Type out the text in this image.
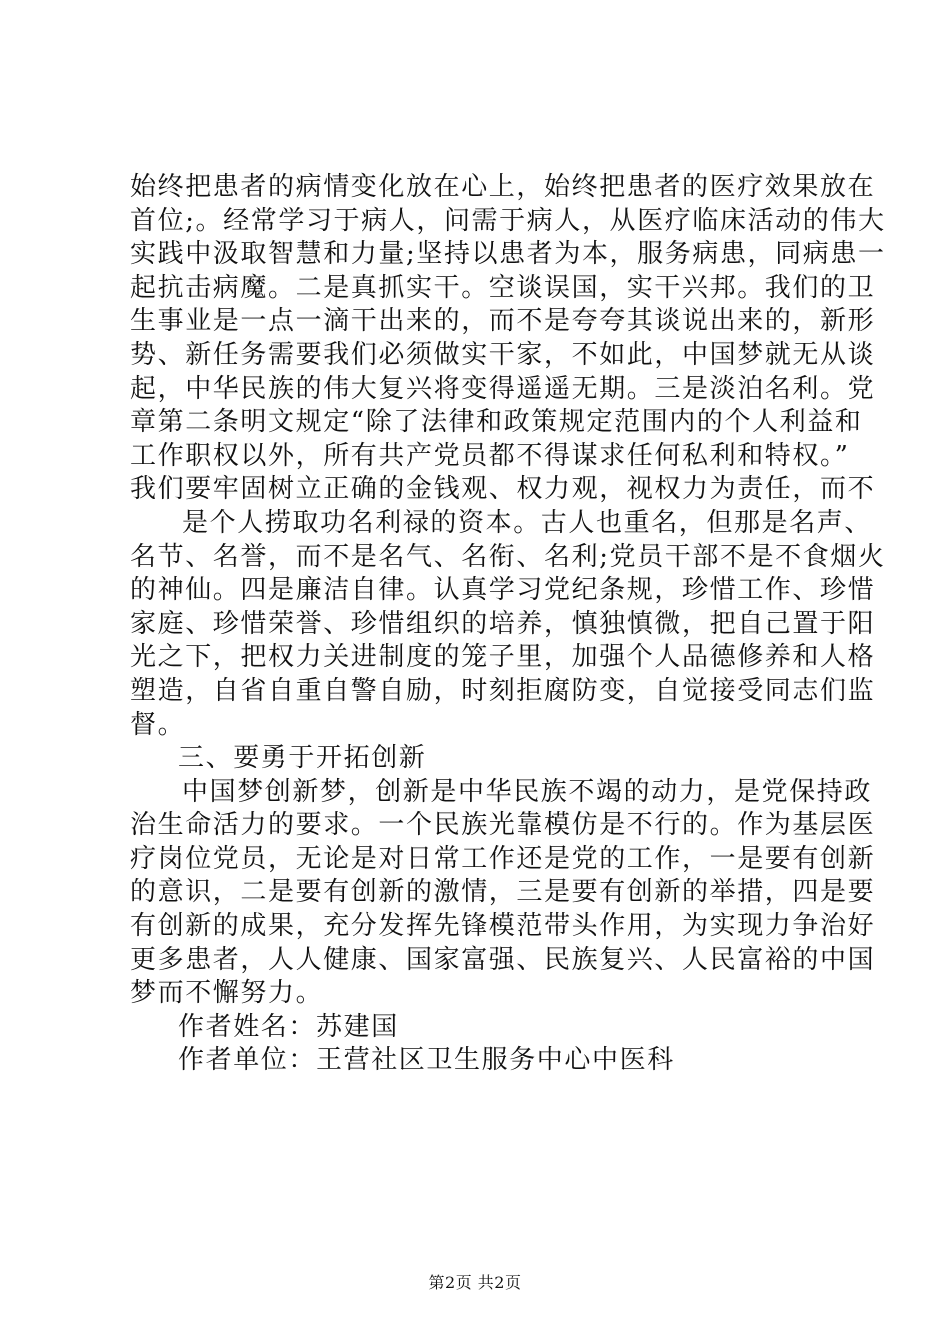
始终把患者的病情变化放在心上，始终把患者的医疗效果放在
首位;。经常学习于病人，问需于病人，从医疗临床活动的伟大
实践中汲取智慧和力量;坚持以患者为本，服务病患，同病患一
起抗击病魔。二是真抓实干。空谈误国，实干兴邦。我们的卫
生事业是一点一滴干出来的，而不是夸夸其谈说出来的，新形
势、新任务需要我们必须做实干家，不如此，中国梦就无从谈
起，中华民族的伟大复兴将变得遥遥无期。三是淡泊名利。党
章第二条明文规定“除了法律和政策规定范围内的个人利益和
工作职权以外，所有共产党员都不得谋求任何私利和特权。”
我们要牢固树立正确的金钱观、权力观，视权力为责任，而不
是个人捞取功名利禄的资本。古人也重名，但那是名声、
名节、名誉，而不是名气、名衔、名利;党员干部不是不食烟火
的神仙。四是廉洁自律。认真学习党纪条规，珍惜工作、珍惜
家庭、珍惜荣誉、珍惜组织的培养，慎独慎微，把自己置于阳
光之下，把权力关进制度的笼子里，加强个人品德修养和人格
塑造，自省自重自警自励，时刻拒腐防变，自觉接受同志们监
督。
三、要勇于开拓创新
中国梦创新梦，创新是中华民族不竭的动力，是党保持政
治生命活力的要求。一个民族光靠模仿是不行的。作为基层医
疗岗位党员，无论是对日常工作还是党的工作，一是要有创新
的意识，二是要有创新的激情，三是要有创新的举措，四是要
有创新的成果，充分发挥先锋模范带头作用，为实现力争治好
更多患者，人人健康、国家富强、民族复兴、人民富裕的中国
梦而不懈努力。
作者姓名：苏建国
作者单位：王营社区卫生服务中心中医科
第2页 共2页
